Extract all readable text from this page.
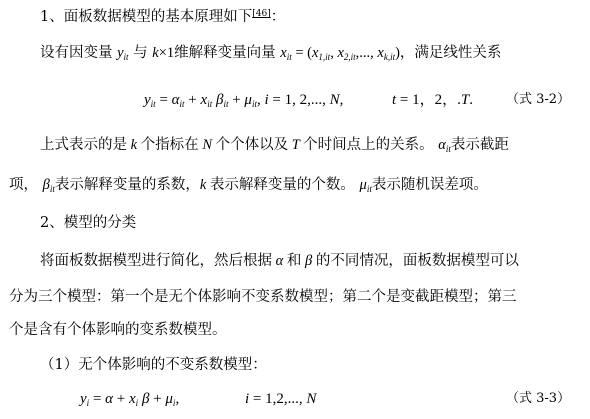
1、面板数据模型的基本原理如下[46]：
设有因变量 $y_{it}$ 与 k×1维解释变量向量 $x_{it} = (x_{1,it}$, $x_{2,it}$,..., $x_{k,it}$)，满足线性关系
$y_{it} = \alpha_{it} + x_{it}$ $\beta_{it} + \mu_{it}$, i = 1, 2,..., N,	t = 1，2，.T.	（式 3-2）
上式表示的是 k 个指标在 N 个个体以及 T 个时间点上的关系。 $\alpha_{it}$表示截距
项， $\beta_{it}$表示解释变量的系数，k 表示解释变量的个数。 $\mu_{it}$表示随机误差项。
2、模型的分类
将面板数据模型进行简化，然后根据 α 和 β 的不同情况，面板数据模型可以
分为三个模型：第一个是无个体影响不变系数模型；第二个是变截距模型；第三
个是含有个体影响的变系数模型。
（1）无个体影响的不变系数模型：
$y_i = \alpha + x_i$ $\beta + \mu_i$,	i = 1,2,..., N	（式 3-3）
